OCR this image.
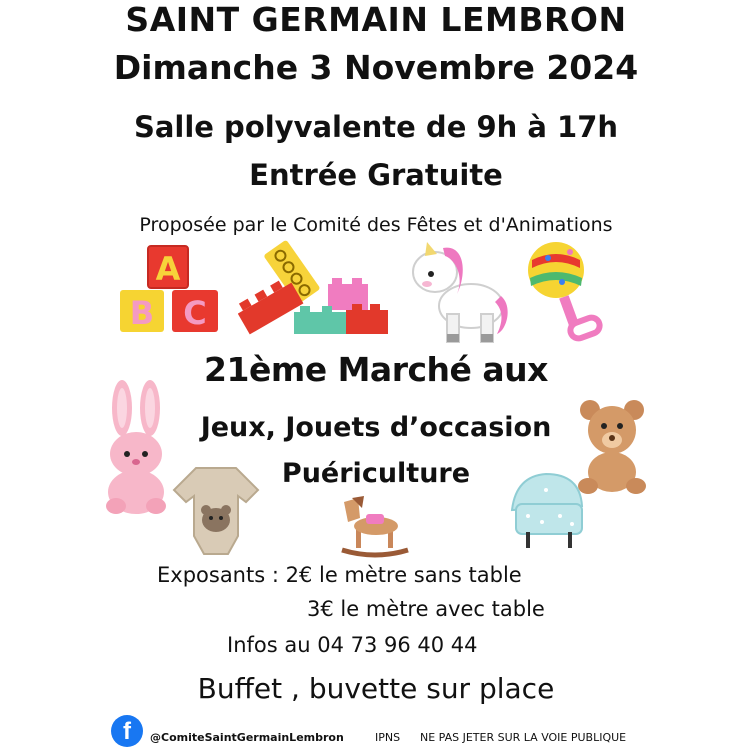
SAINT GERMAIN LEMBRON
Dimanche 3 Novembre 2024
Salle polyvalente de 9h à 17h
Entrée Gratuite
Proposée par le Comité des Fêtes et d'Animations
A
B C
21ème Marché aux
Jeux, Jouets d’occasion
Puériculture
Exposants : 2€ le mètre sans table
3€ le mètre avec table
Infos au 04 73 96 40 44
Buffet , buvette sur place
f	@ComiteSaintGermainLembron	IPNS NE PAS JETER SUR LA VOIE PUBLIQUE
